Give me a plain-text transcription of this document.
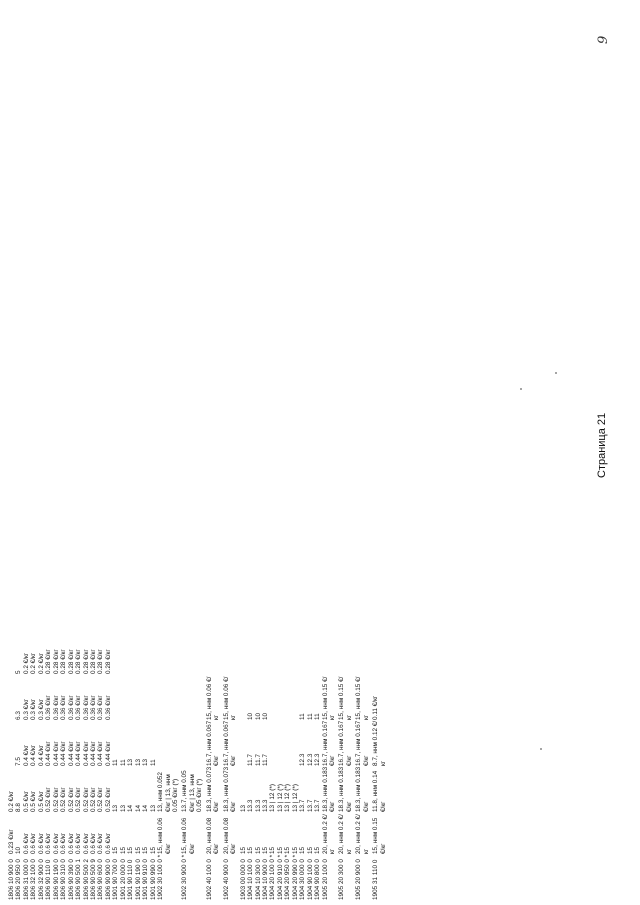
9
1806 10 900 0
0.23 €/кг
0.2 €/кг
1806 20 950 0
10
8.8
7.5
6.3
5
1806 31 000 0
0.6 €/кг
0.5 €/кг
0.4 €/кг
0.3 €/кг
0.2 €/кг
1806 32 100 0
0.6 €/кг
0.5 €/кг
0.4 €/кг
0.3 €/кг
0.2 €/кг
1806 32 900 0
0.6 €/кг
0.5 €/кг
0.4 €/кг
0.3 €/кг
0.2 €/кг
1806 90 110 0
0.6 €/кг
0.52 €/кг
0.44 €/кг
0.36 €/кг
0.28 €/кг
1806 90 190 0
0.6 €/кг
0.52 €/кг
0.44 €/кг
0.36 €/кг
0.28 €/кг
1806 90 310 0
0.6 €/кг
0.52 €/кг
0.44 €/кг
0.36 €/кг
0.28 €/кг
1806 90 390 0
0.6 €/кг
0.52 €/кг
0.44 €/кг
0.36 €/кг
0.28 €/кг
1806 90 500 1
0.6 €/кг
0.52 €/кг
0.44 €/кг
0.36 €/кг
0.28 €/кг
1806 90 500 2
0.6 €/кг
0.52 €/кг
0.44 €/кг
0.36 €/кг
0.28 €/кг
1806 90 500 9
0.6 €/кг
0.52 €/кг
0.44 €/кг
0.36 €/кг
0.28 €/кг
1806 90 600 0
0.6 €/кг
0.52 €/кг
0.44 €/кг
0.36 €/кг
0.28 €/кг
1806 90 900 0
0.6 €/кг
0.52 €/кг
0.44 €/кг
0.36 €/кг
0.28 €/кг
1901 90 700 0
15
13
11
1901 20 000 0
15
13
11
1901 90 110 0
15
14
13
1901 90 190 0
15
14
13
1901 90 910 0
15
14
13
1901 90 990 0
15
13
11
1902 30 100 0 *
15, ннм 0.06 €/кг
13, ннм 0.052 €/кг | 13, ннм 0.05 €/кг (*)
1902 30 900 0 *
15, ннм 0.06 €/кг
13.7, ннм 0.05 €/кг | 13, ннм 0.05 €/кг (*)
1902 40 100 0
20, ннм 0.08 €/кг
18.3, ннм 0.073 €/кг
16.7, ннм 0.067 €/кг
15, ннм 0.06 €/кг
1902 40 900 0
20, ннм 0.08 €/кг
18.3, ннм 0.073 €/кг
16.7, ннм 0.067 €/кг
15, ннм 0.06 €/кг
1903 00 000 0
15
13
1904 10 100 0
15
13.3
11.7
10
1904 10 300 0
15
13.3
11.7
10
1904 10 900 0
15
13.3
11.7
10
1904 20 100 0 *
15
13 | 12 (*)
1904 20 910 0 *
15
13 | 12 (*)
1904 20 950 0 *
15
13 | 12 (*)
1904 20 990 0 *
15
13 | 12 (*)
1904 30 000 0
15
13.7
12.3
11
1904 90 100 0
15
13.7
12.3
11
1904 90 800 0
15
13.7
12.3
11
1905 20 100 0
20, ннм 0.2 €/кг
18.3, ннм 0.183 €/кг
16.7, ннм 0.167 €/кг
15, ннм 0.15 €/кг
1905 20 300 0
20, ннм 0.2 €/кг
18.3, ннм 0.183 €/кг
16.7, ннм 0.167 €/кг
15, ннм 0.15 €/кг
1905 20 900 0
20, ннм 0.2 €/кг
18.3, ннм 0.183 €/кг
16.7, ннм 0.167 €/кг
15, ннм 0.15 €/кг
1905 31 110 0
15, ннм 0.15 €/кг
11.8, ннм 0.14 €/кг
8.7, ннм 0.12 €/кг
0.11 €/кг
Страница 21
